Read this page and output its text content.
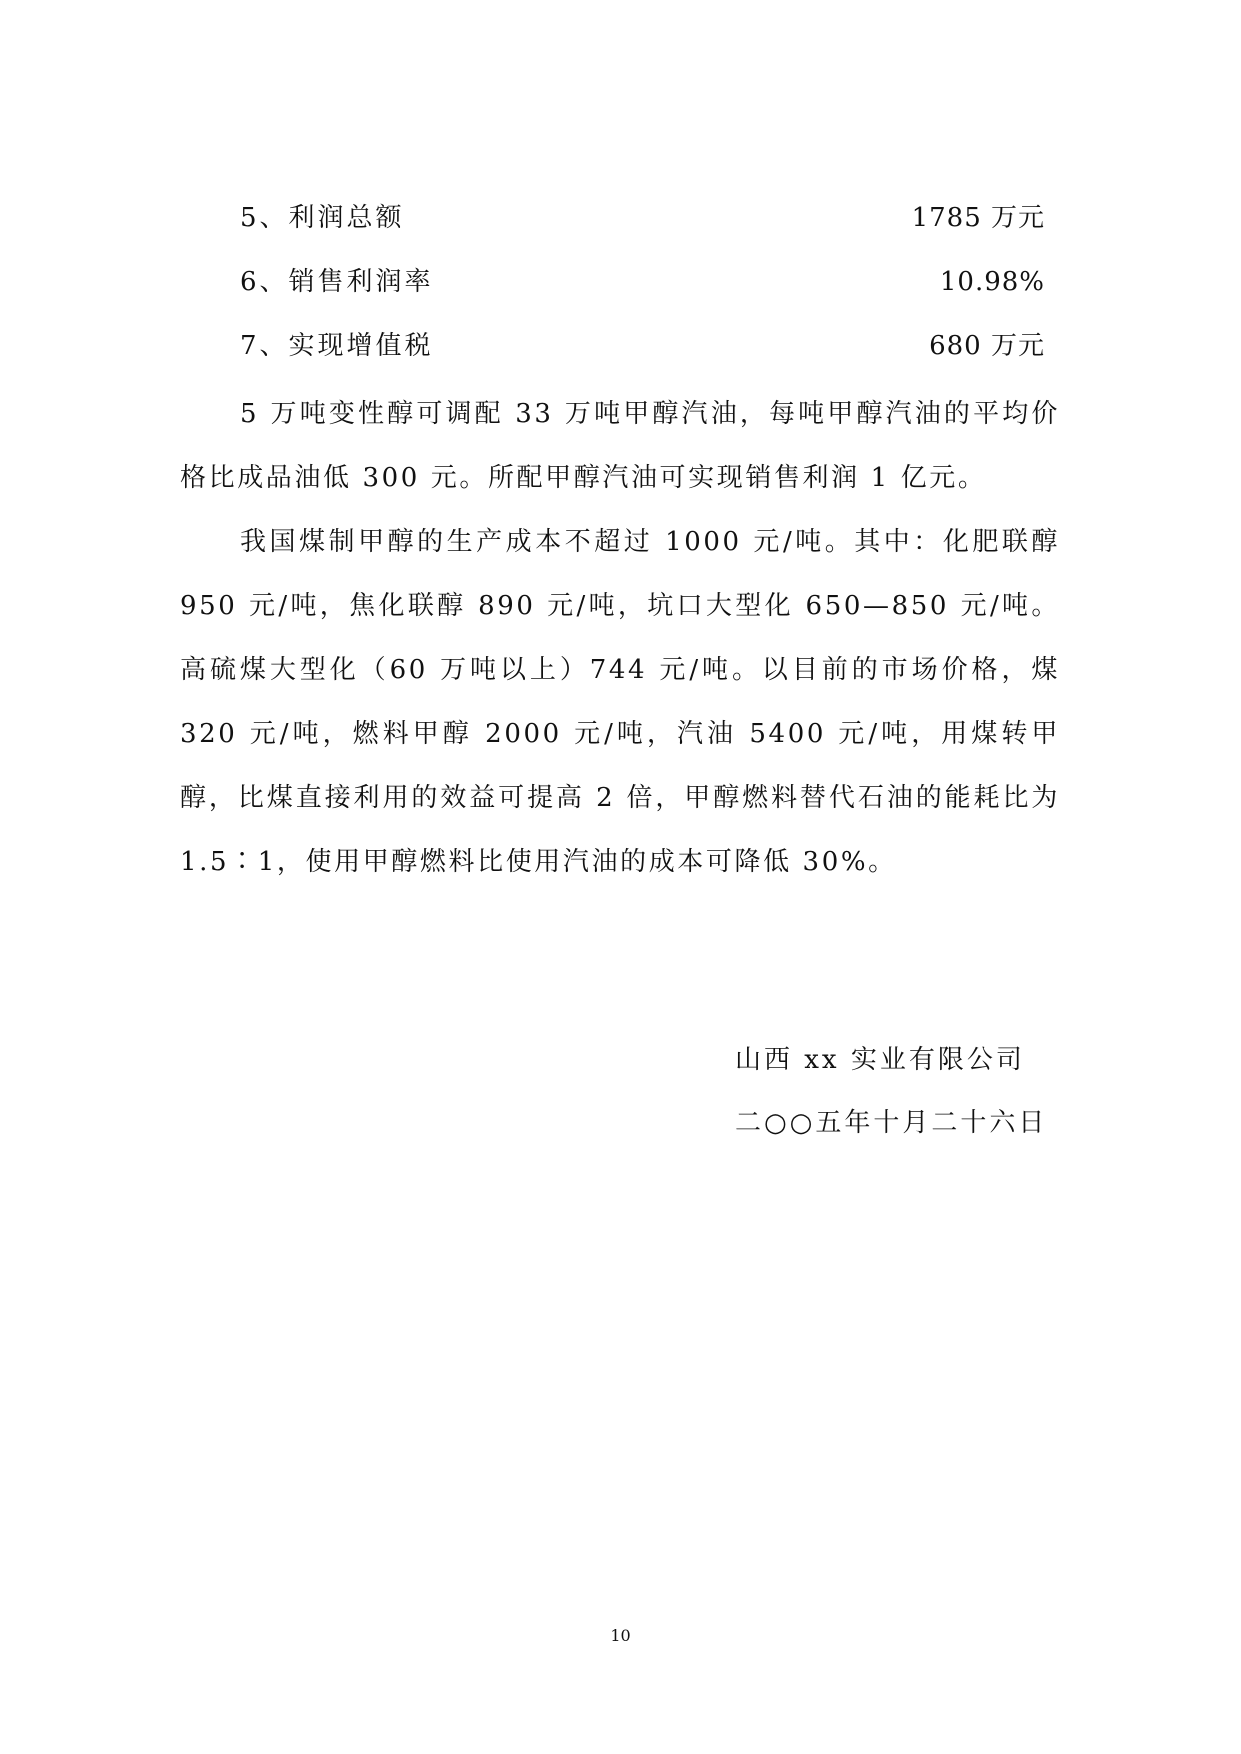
5、利润总额	1785 万元
6、销售利润率	10.98%
7、实现增值税	680 万元

5 万吨变性醇可调配 33 万吨甲醇汽油，每吨甲醇汽油的平均价格比成品油低 300 元。所配甲醇汽油可实现销售利润 1 亿元。

我国煤制甲醇的生产成本不超过 1000 元/吨。其中：化肥联醇 950 元/吨，焦化联醇 890 元/吨，坑口大型化 650—850 元/吨。高硫煤大型化（60 万吨以上）744 元/吨。以目前的市场价格，煤 320 元/吨，燃料甲醇 2000 元/吨，汽油 5400 元/吨，用煤转甲醇，比煤直接利用的效益可提高 2 倍，甲醇燃料替代石油的能耗比为 1.5∶1，使用甲醇燃料比使用汽油的成本可降低 30%。

山西 xx 实业有限公司
二○○五年十月二十六日
10
